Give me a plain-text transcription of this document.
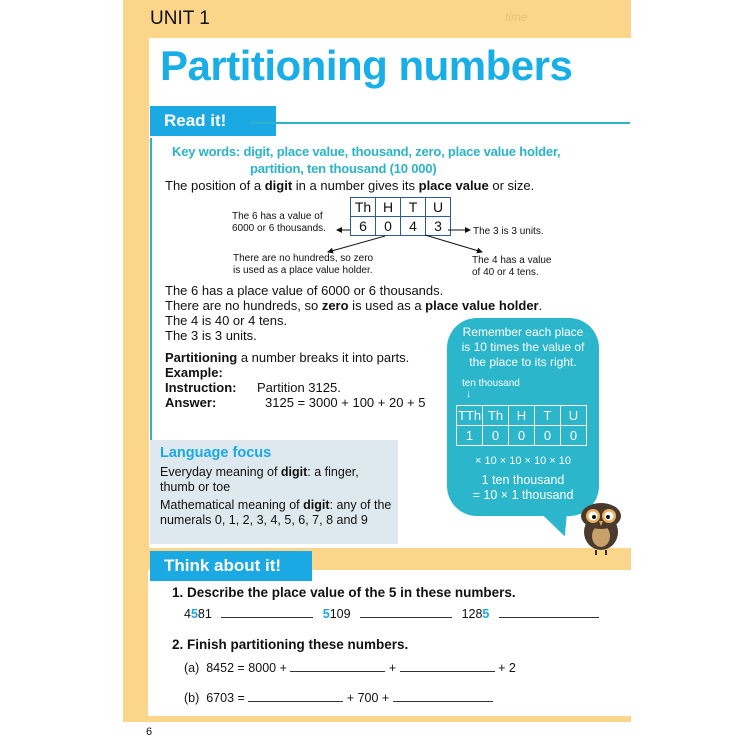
UNIT 1	time
Partitioning numbers
Read it!
Key words: digit, place value, thousand, zero, place value holder,
partition, ten thousand (10 000)
The position of a digit in a number gives its place value or size.
Th	H	T	U
6	0	4	3
The 6 has a value of
6000 or 6 thousands.	The 3 is 3 units.
There are no hundreds, so zero
is used as a place value holder.
The 4 has a value
of 40 or 4 tens.
The 6 has a place value of 6000 or 6 thousands.
There are no hundreds, so zero is used as a place value holder.
The 4 is 40 or 4 tens.
The 3 is 3 units.
Partitioning a number breaks it into parts.
Example:
Instruction: Partition 3125.
Answer:	3125 = 3000 + 100 + 20 + 5
Language focus
Everyday meaning of digit: a finger, thumb or toe
Mathematical meaning of digit: any of the numerals 0, 1, 2, 3, 4, 5, 6, 7, 8 and 9
Remember each place
is 10 times the value of
the place to its right.
ten thousand
↓
TTh	Th	H	T	U
1	0	0	0	0
× 10 × 10 × 10 × 10
1 ten thousand
= 10 × 1 thousand
Think about it!
1. Describe the place value of the 5 in these numbers.
4581	5109	1285
2. Finish partitioning these numbers.
(a) 8452 = 8000 +	+	+ 2
(b) 6703 =	+ 700 +
6
